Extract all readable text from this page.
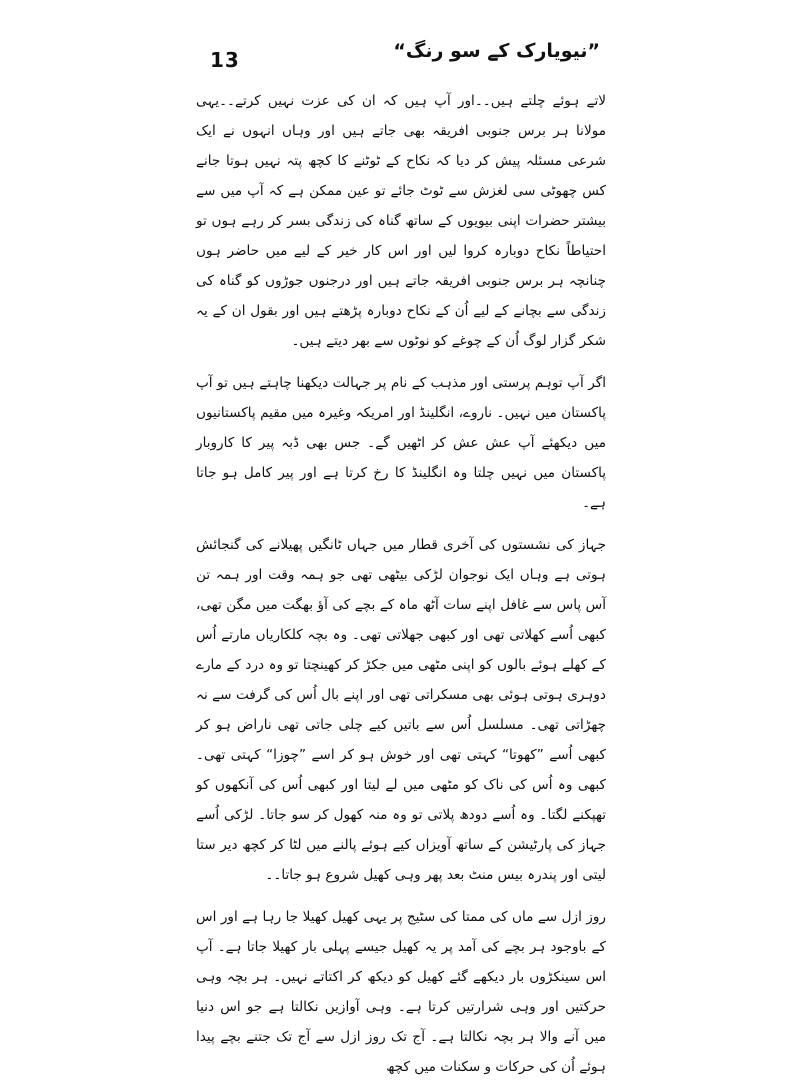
13	”نیویارک کے سو رنگ“

لاتے ہوئے چلتے ہیں۔۔اور آپ ہیں کہ ان کی عزت نہیں کرتے۔۔یہی مولانا ہر برس جنوبی افریقہ بھی جاتے ہیں اور وہاں انہوں نے ایک شرعی مسئلہ پیش کر دیا کہ نکاح کے ٹوٹنے کا کچھ پتہ نہیں ہوتا جانے کس چھوٹی سی لغزش سے ٹوٹ جائے تو عین ممکن ہے کہ آپ میں سے بیشتر حضرات اپنی بیویوں کے ساتھ گناہ کی زندگی بسر کر رہے ہوں تو احتیاطاً نکاح دوبارہ کروا لیں اور اس کار خیر کے لیے میں حاضر ہوں چنانچہ ہر برس جنوبی افریقہ جاتے ہیں اور درجنوں جوڑوں کو گناہ کی زندگی سے بچانے کے لیے اُن کے نکاح دوبارہ پڑھتے ہیں اور بقول ان کے یہ شکر گزار لوگ اُن کے چوغے کو نوٹوں سے بھر دیتے ہیں۔

اگر آپ توہم پرستی اور مذہب کے نام پر جہالت دیکھنا چاہتے ہیں تو آپ پاکستان میں نہیں۔ ناروے، انگلینڈ اور امریکہ وغیرہ میں مقیم پاکستانیوں میں دیکھئے آپ عش عش کر اٹھیں گے۔ جس بھی ڈبہ پیر کا کاروبار پاکستان میں نہیں چلتا وہ انگلینڈ کا رخ کرتا ہے اور پیر کامل ہو جاتا ہے۔

جہاز کی نشستوں کی آخری قطار میں جہاں ٹانگیں پھیلانے کی گنجائش ہوتی ہے وہاں ایک نوجوان لڑکی بیٹھی تھی جو ہمہ وقت اور ہمہ تن آس پاس سے غافل اپنے سات آٹھ ماہ کے بچے کی آؤ بھگت میں مگن تھی، کبھی اُسے کھلاتی تھی اور کبھی جھلاتی تھی۔ وہ بچہ کلکاریاں مارتے اُس کے کھلے ہوئے بالوں کو اپنی مٹھی میں جکڑ کر کھینچتا تو وہ درد کے مارے دوہری ہوتی ہوئی بھی مسکراتی تھی اور اپنے بال اُس کی گرفت سے نہ چھڑاتی تھی۔ مسلسل اُس سے باتیں کیے چلی جاتی تھی ناراض ہو کر کبھی اُسے ”کھوتا“ کہتی تھی اور خوش ہو کر اسے ”چوزا“ کہتی تھی۔ کبھی وہ اُس کی ناک کو مٹھی میں لے لیتا اور کبھی اُس کی آنکھوں کو تھپکنے لگتا۔ وہ اُسے دودھ پلاتی تو وہ منہ کھول کر سو جاتا۔ لڑکی اُسے جہاز کی پارٹیشن کے ساتھ آویزاں کیے ہوئے پالنے میں لٹا کر کچھ دیر ستا لیتی اور پندرہ بیس منٹ بعد پھر وہی کھیل شروع ہو جاتا۔۔

روز ازل سے ماں کی ممتا کی سٹیج پر یہی کھیل کھیلا جا رہا ہے اور اس کے باوجود ہر بچے کی آمد پر یہ کھیل جیسے پہلی بار کھیلا جاتا ہے۔ آپ اس سینکڑوں بار دیکھے گئے کھیل کو دیکھ کر اکتاتے نہیں۔ ہر بچہ وہی حرکتیں اور وہی شرارتیں کرتا ہے۔ وہی آوازیں نکالتا ہے جو اس دنیا میں آنے والا ہر بچہ نکالتا ہے۔ آج تک روز ازل سے آج تک جتنے بچے پیدا ہوئے اُن کی حرکات و سکنات میں کچھ
